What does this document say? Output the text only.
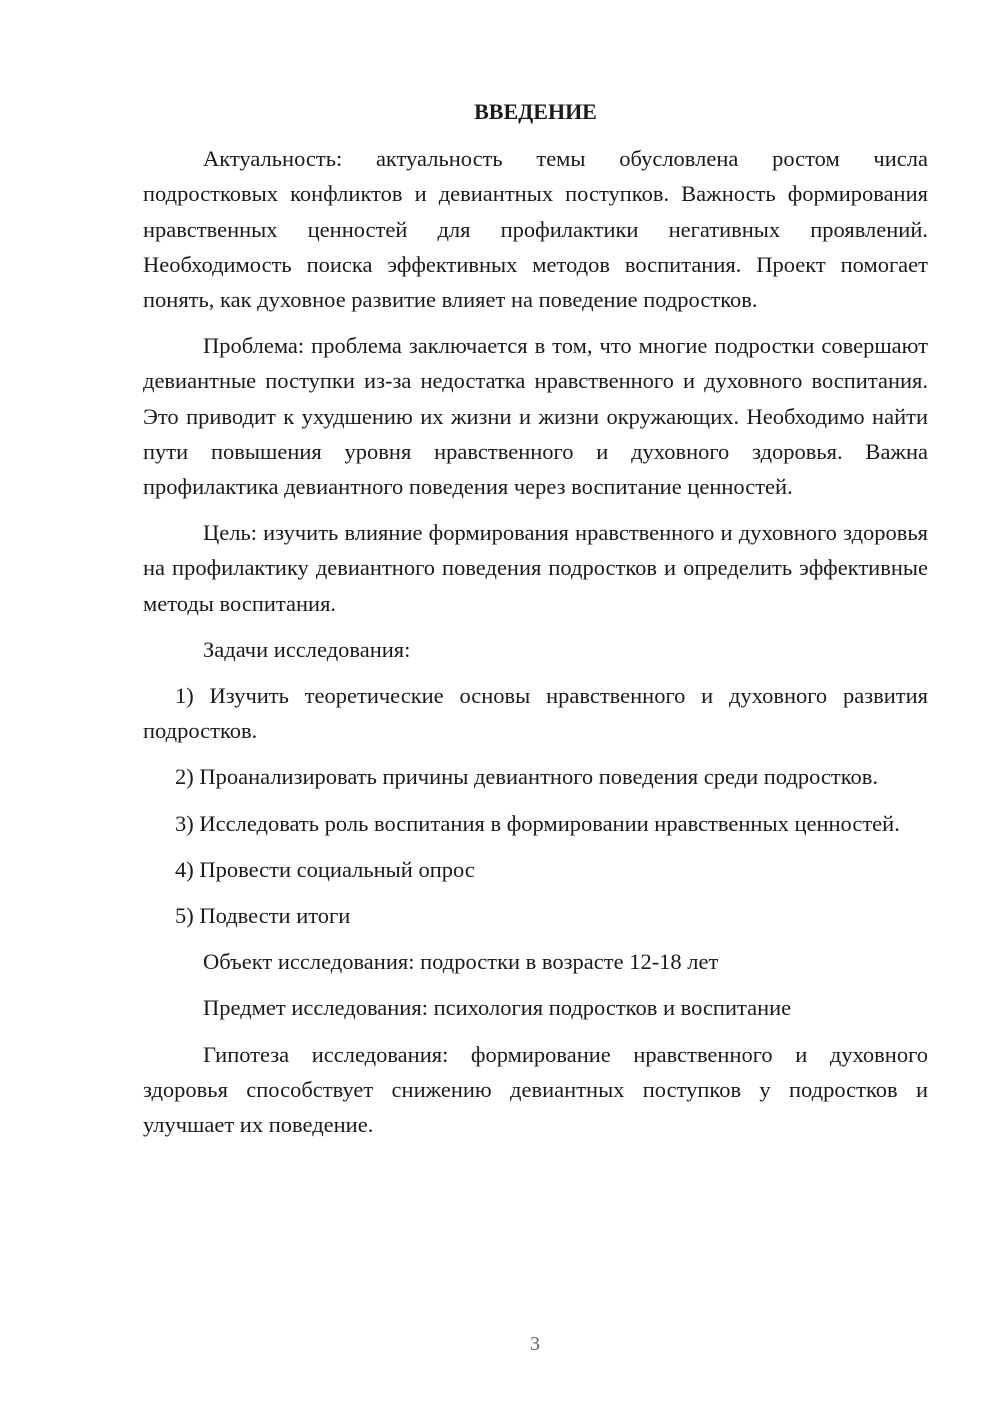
ВВЕДЕНИЕ

Актуальность: актуальность темы обусловлена ростом числа подростковых конфликтов и девиантных поступков. Важность формирования нравственных ценностей для профилактики негативных проявлений. Необходимость поиска эффективных методов воспитания. Проект помогает понять, как духовное развитие влияет на поведение подростков.

Проблема: проблема заключается в том, что многие подростки совершают девиантные поступки из-за недостатка нравственного и духовного воспитания. Это приводит к ухудшению их жизни и жизни окружающих. Необходимо найти пути повышения уровня нравственного и духовного здоровья. Важна профилактика девиантного поведения через воспитание ценностей.

Цель: изучить влияние формирования нравственного и духовного здоровья на профилактику девиантного поведения подростков и определить эффективные методы воспитания.

Задачи исследования:

1) Изучить теоретические основы нравственного и духовного развития подростков.

2) Проанализировать причины девиантного поведения среди подростков.

3) Исследовать роль воспитания в формировании нравственных ценностей.

4) Провести социальный опрос

5) Подвести итоги

Объект исследования: подростки в возрасте 12-18 лет

Предмет исследования: психология подростков и воспитание

Гипотеза исследования: формирование нравственного и духовного здоровья способствует снижению девиантных поступков у подростков и улучшает их поведение.

3
